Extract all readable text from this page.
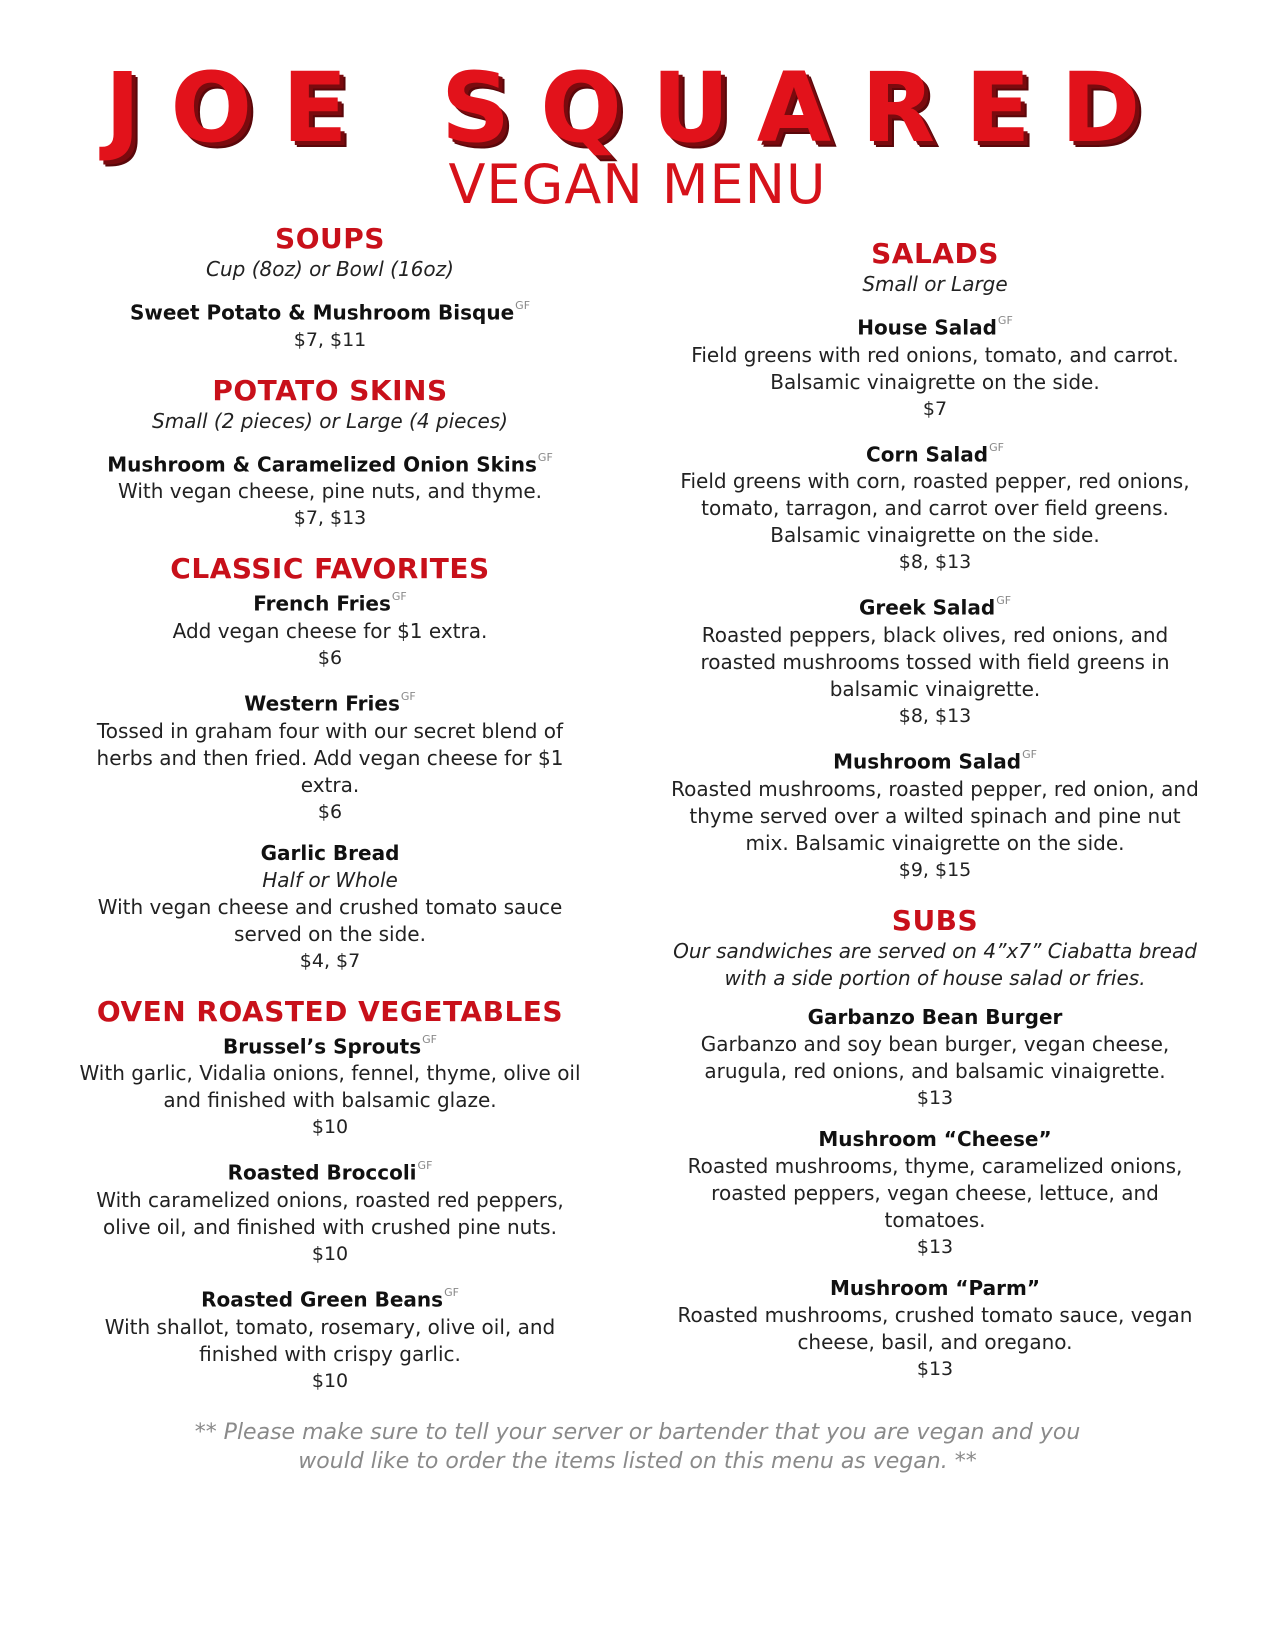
JOE SQUARED
VEGAN MENU
SOUPS
Cup (8oz) or Bowl (16oz)
Sweet Potato & Mushroom Bisque$^{GF}$
$7, $11
POTATO SKINS
Small (2 pieces) or Large (4 pieces)
Mushroom & Caramelized Onion Skins$^{GF}$
With vegan cheese, pine nuts, and thyme.
$7, $13
CLASSIC FAVORITES
French Fries$^{GF}$
Add vegan cheese for $1 extra.
$6
Western Fries$^{GF}$
Tossed in graham four with our secret blend of herbs and then fried. Add vegan cheese for $1 extra.
$6
Garlic Bread
Half or Whole
With vegan cheese and crushed tomato sauce served on the side.
$4, $7
OVEN ROASTED VEGETABLES
Brussel’s Sprouts$^{GF}$
With garlic, Vidalia onions, fennel, thyme, olive oil and finished with balsamic glaze.
$10
Roasted Broccoli$^{GF}$
With caramelized onions, roasted red peppers, olive oil, and finished with crushed pine nuts.
$10
Roasted Green Beans$^{GF}$
With shallot, tomato, rosemary, olive oil, and finished with crispy garlic.
$10
SALADS
Small or Large
House Salad$^{GF}$
Field greens with red onions, tomato, and carrot. Balsamic vinaigrette on the side.
$7
Corn Salad$^{GF}$
Field greens with corn, roasted pepper, red onions, tomato, tarragon, and carrot over field greens. Balsamic vinaigrette on the side.
$8, $13
Greek Salad$^{GF}$
Roasted peppers, black olives, red onions, and roasted mushrooms tossed with field greens in balsamic vinaigrette.
$8, $13
Mushroom Salad$^{GF}$
Roasted mushrooms, roasted pepper, red onion, and thyme served over a wilted spinach and pine nut mix. Balsamic vinaigrette on the side.
$9, $15
SUBS
Our sandwiches are served on 4”x7” Ciabatta bread with a side portion of house salad or fries.
Garbanzo Bean Burger
Garbanzo and soy bean burger, vegan cheese, arugula, red onions, and balsamic vinaigrette.
$13
Mushroom “Cheese”
Roasted mushrooms, thyme, caramelized onions, roasted peppers, vegan cheese, lettuce, and tomatoes.
$13
Mushroom “Parm”
Roasted mushrooms, crushed tomato sauce, vegan cheese, basil, and oregano.
$13
** Please make sure to tell your server or bartender that you are vegan and you would like to order the items listed on this menu as vegan. **
